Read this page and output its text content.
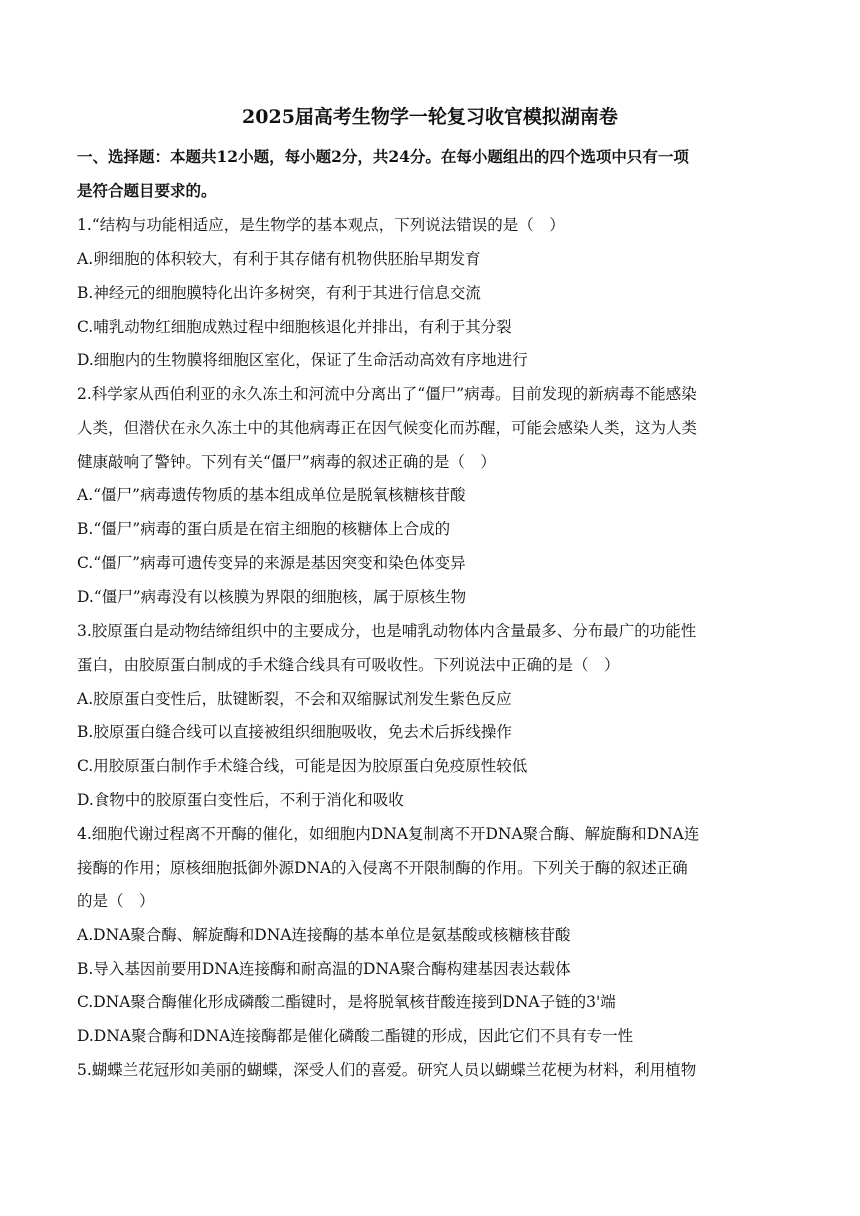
2025届高考生物学一轮复习收官模拟湖南卷
一、选择题：本题共12小题，每小题2分，共24分。在每小题组出的四个选项中只有一项
是符合题目要求的。
1.“结构与功能相适应，是生物学的基本观点，下列说法错误的是（　）
A.卵细胞的体积较大，有利于其存储有机物供胚胎早期发育
B.神经元的细胞膜特化出许多树突，有利于其进行信息交流
C.哺乳动物红细胞成熟过程中细胞核退化并排出，有利于其分裂
D.细胞内的生物膜将细胞区室化，保证了生命活动高效有序地进行
2.科学家从西伯利亚的永久冻土和河流中分离出了“僵尸”病毒。目前发现的新病毒不能感染
人类，但潜伏在永久冻土中的其他病毒正在因气候变化而苏醒，可能会感染人类，这为人类
健康敲响了警钟。下列有关“僵尸”病毒的叙述正确的是（　）
A.“僵尸”病毒遗传物质的基本组成单位是脱氧核糖核苷酸
B.“僵尸”病毒的蛋白质是在宿主细胞的核糖体上合成的
C.“僵厂”病毒可遗传变异的来源是基因突变和染色体变异
D.“僵尸”病毒没有以核膜为界限的细胞核，属于原核生物
3.胶原蛋白是动物结缔组织中的主要成分，也是哺乳动物体内含量最多、分布最广的功能性
蛋白，由胶原蛋白制成的手术缝合线具有可吸收性。下列说法中正确的是（　）
A.胶原蛋白变性后，肽键断裂，不会和双缩脲试剂发生紫色反应
B.胶原蛋白缝合线可以直接被组织细胞吸收，免去术后拆线操作
C.用胶原蛋白制作手术缝合线，可能是因为胶原蛋白免疫原性较低
D.食物中的胶原蛋白变性后，不利于消化和吸收
4.细胞代谢过程离不开酶的催化，如细胞内DNA复制离不开DNA聚合酶、解旋酶和DNA连
接酶的作用；原核细胞抵御外源DNA的入侵离不开限制酶的作用。下列关于酶的叙述正确
的是（　）
A.DNA聚合酶、解旋酶和DNA连接酶的基本单位是氨基酸或核糖核苷酸
B.导入基因前要用DNA连接酶和耐高温的DNA聚合酶构建基因表达载体
C.DNA聚合酶催化形成磷酸二酯键时，是将脱氧核苷酸连接到DNA子链的3'端
D.DNA聚合酶和DNA连接酶都是催化磷酸二酯键的形成，因此它们不具有专一性
5.蝴蝶兰花冠形如美丽的蝴蝶，深受人们的喜爱。研究人员以蝴蝶兰花梗为材料，利用植物
